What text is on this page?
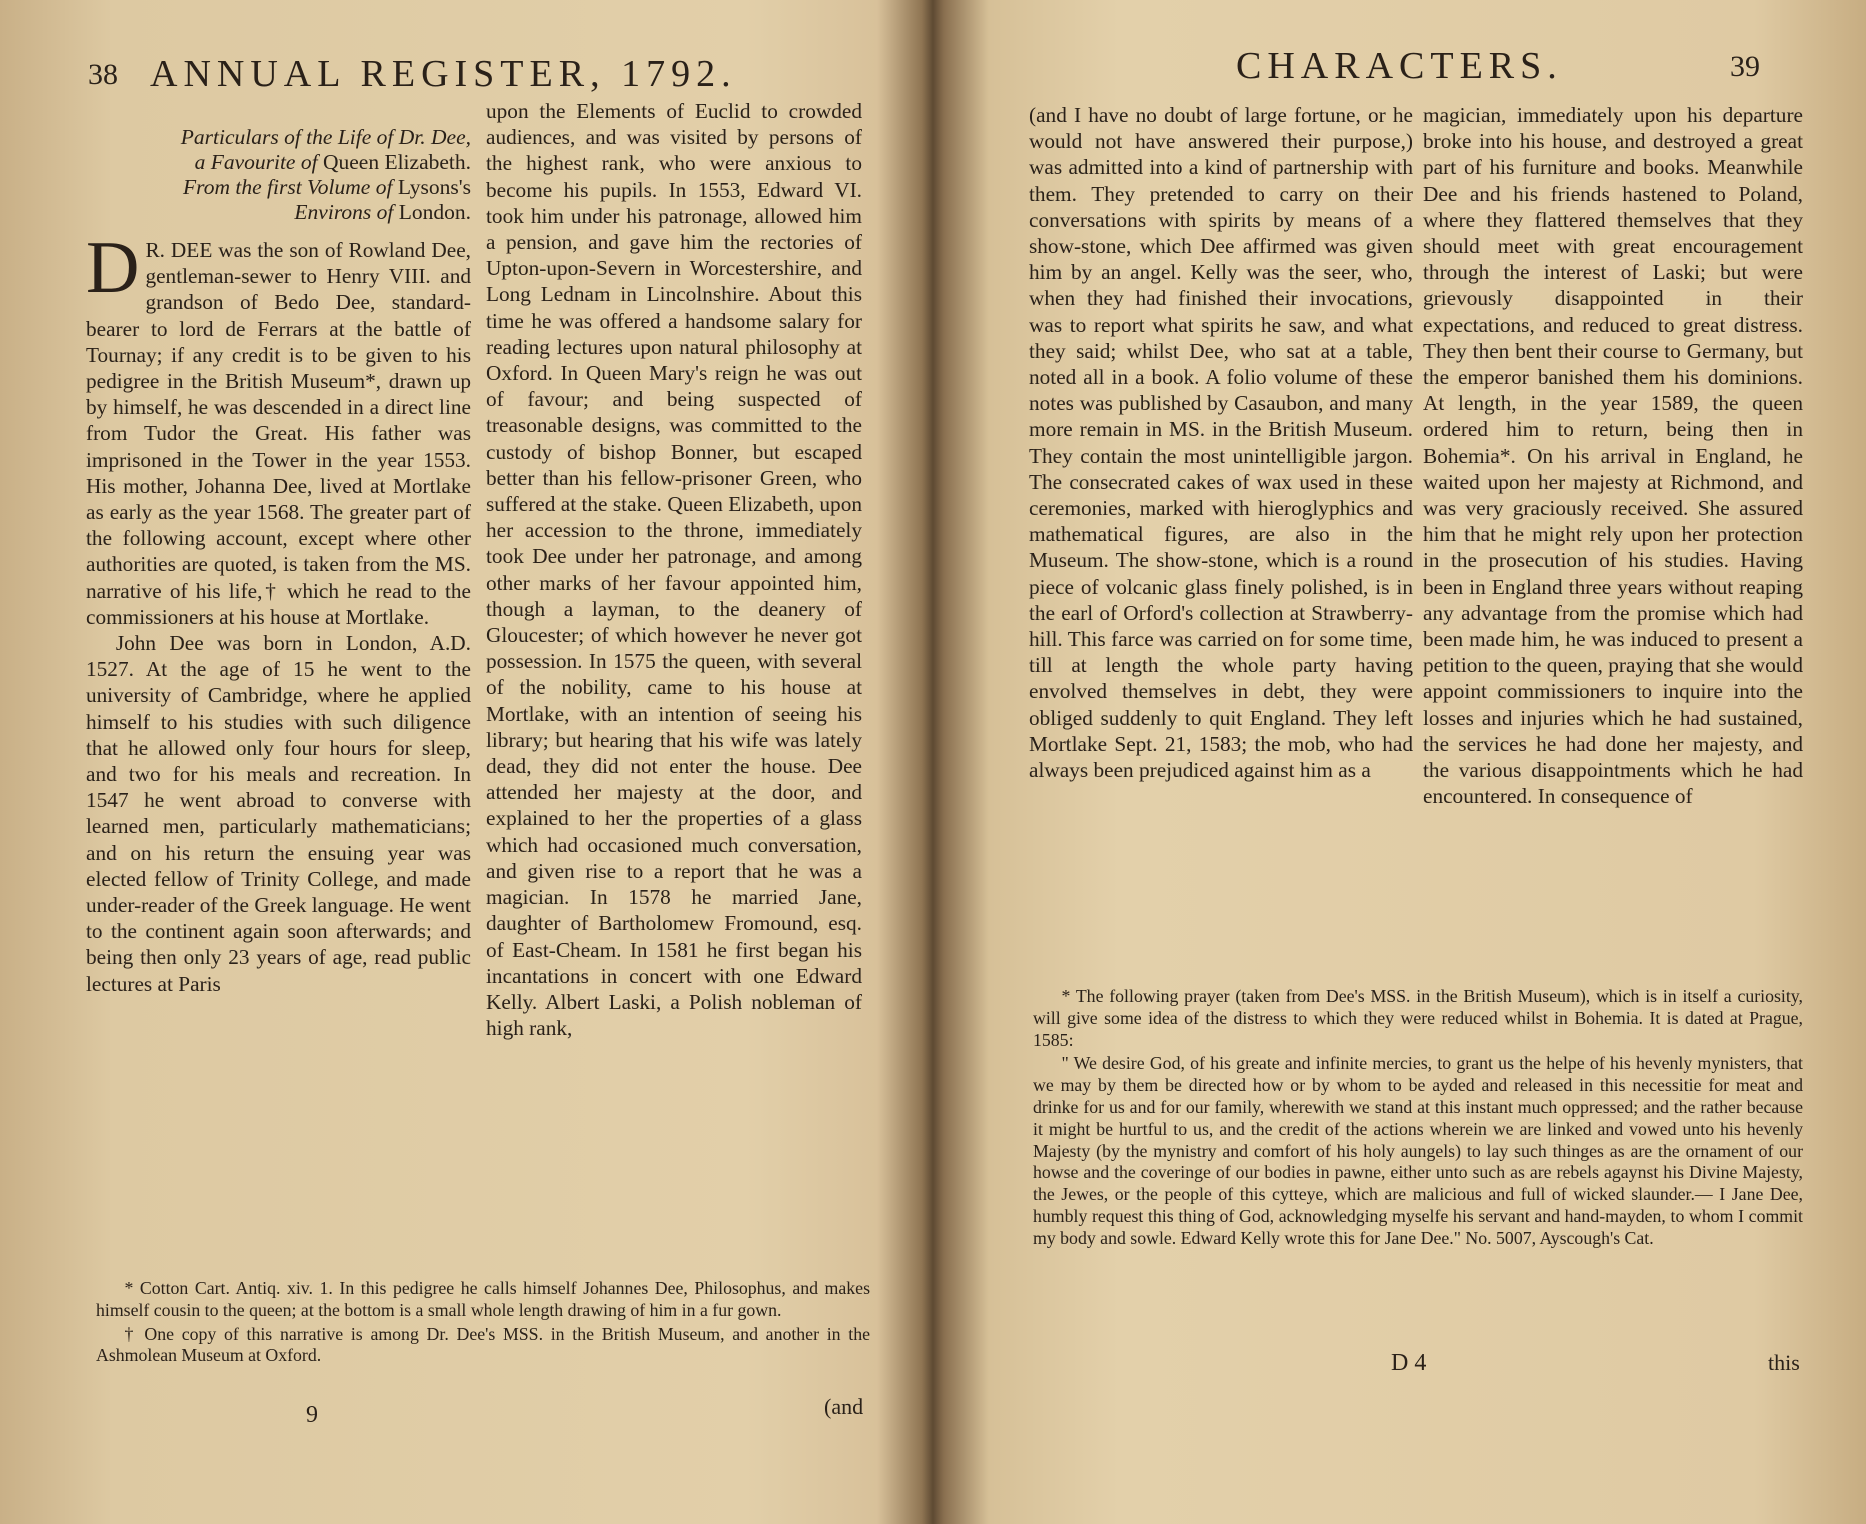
38 ANNUAL REGISTER, 1792.
Particulars of the Life of Dr. Dee,
a Favourite of Queen Elizabeth.
From the first Volume of Lysons's
Environs of London.

D R. DEE was the son of Rowland Dee, gentleman-sewer to Henry VIII. and grandson of Bedo Dee, standard-bearer to lord de Ferrars at the battle of Tournay; if any credit is to be given to his pedigree in the British Museum*, drawn up by himself, he was descended in a direct line from Tudor the Great. His father was imprisoned in the Tower in the year 1553. His mother, Johanna Dee, lived at Mortlake as early as the year 1568. The greater part of the following account, except where other authorities are quoted, is taken from the MS. narrative of his life,† which he read to the commissioners at his house at Mortlake.

John Dee was born in London, A.D. 1527. At the age of 15 he went to the university of Cambridge, where he applied himself to his studies with such diligence that he allowed only four hours for sleep, and two for his meals and recreation. In 1547 he went abroad to converse with learned men, particularly mathematicians; and on his return the ensuing year was elected fellow of Trinity College, and made under-reader of the Greek language. He went to the continent again soon afterwards; and being then only 23 years of age, read public lectures at Paris

upon the Elements of Euclid to crowded audiences, and was visited by persons of the highest rank, who were anxious to become his pupils. In 1553, Edward VI. took him under his patronage, allowed him a pension, and gave him the rectories of Upton-upon-Severn in Worcestershire, and Long Lednam in Lincolnshire. About this time he was offered a handsome salary for reading lectures upon natural philosophy at Oxford. In Queen Mary's reign he was out of favour; and being suspected of treasonable designs, was committed to the custody of bishop Bonner, but escaped better than his fellow-prisoner Green, who suffered at the stake. Queen Elizabeth, upon her accession to the throne, immediately took Dee under her patronage, and among other marks of her favour appointed him, though a layman, to the deanery of Gloucester; of which however he never got possession. In 1575 the queen, with several of the nobility, came to his house at Mortlake, with an intention of seeing his library; but hearing that his wife was lately dead, they did not enter the house. Dee attended her majesty at the door, and explained to her the properties of a glass which had occasioned much conversation, and given rise to a report that he was a magician. In 1578 he married Jane, daughter of Bartholomew Fromound, esq. of East-Cheam. In 1581 he first began his incantations in concert with one Edward Kelly. Albert Laski, a Polish nobleman of high rank,

* Cotton Cart. Antiq. xiv. 1. In this pedigree he calls himself Johannes Dee, Philosophus, and makes himself cousin to the queen; at the bottom is a small whole length drawing of him in a fur gown.

† One copy of this narrative is among Dr. Dee's MSS. in the British Museum, and another in the Ashmolean Museum at Oxford.

9	(and
CHARACTERS.	39

(and I have no doubt of large fortune, or he would not have answered their purpose,) was admitted into a kind of partnership with them. They pretended to carry on their conversations with spirits by means of a show-stone, which Dee affirmed was given him by an angel. Kelly was the seer, who, when they had finished their invocations, was to report what spirits he saw, and what they said; whilst Dee, who sat at a table, noted all in a book. A folio volume of these notes was published by Casaubon, and many more remain in MS. in the British Museum. They contain the most unintelligible jargon. The consecrated cakes of wax used in these ceremonies, marked with hieroglyphics and mathematical figures, are also in the Museum. The show-stone, which is a round piece of volcanic glass finely polished, is in the earl of Orford's collection at Strawberry-hill. This farce was carried on for some time, till at length the whole party having envolved themselves in debt, they were obliged suddenly to quit England. They left Mortlake Sept. 21, 1583; the mob, who had always been prejudiced against him as a

magician, immediately upon his departure broke into his house, and destroyed a great part of his furniture and books. Meanwhile Dee and his friends hastened to Poland, where they flattered themselves that they should meet with great encouragement through the interest of Laski; but were grievously disappointed in their expectations, and reduced to great distress. They then bent their course to Germany, but the emperor banished them his dominions. At length, in the year 1589, the queen ordered him to return, being then in Bohemia*. On his arrival in England, he waited upon her majesty at Richmond, and was very graciously received. She assured him that he might rely upon her protection in the prosecution of his studies. Having been in England three years without reaping any advantage from the promise which had been made him, he was induced to present a petition to the queen, praying that she would appoint commissioners to inquire into the losses and injuries which he had sustained, the services he had done her majesty, and the various disappointments which he had encountered. In consequence of

* The following prayer (taken from Dee's MSS. in the British Museum), which is in itself a curiosity, will give some idea of the distress to which they were reduced whilst in Bohemia. It is dated at Prague, 1585:

" We desire God, of his greate and infinite mercies, to grant us the helpe of his hevenly mynisters, that we may by them be directed how or by whom to be ayded and released in this necessitie for meat and drinke for us and for our family, wherewith we stand at this instant much oppressed; and the rather because it might be hurtful to us, and the credit of the actions wherein we are linked and vowed unto his hevenly Majesty (by the mynistry and comfort of his holy aungels) to lay such thinges as are the ornament of our howse and the coveringe of our bodies in pawne, either unto such as are rebels agaynst his Divine Majesty, the Jewes, or the people of this cytteye, which are malicious and full of wicked slaunder.— I Jane Dee, humbly request this thing of God, acknowledging myselfe his servant and hand-mayden, to whom I commit my body and sowle. Edward Kelly wrote this for Jane Dee." No. 5007, Ayscough's Cat.

D 4	this
